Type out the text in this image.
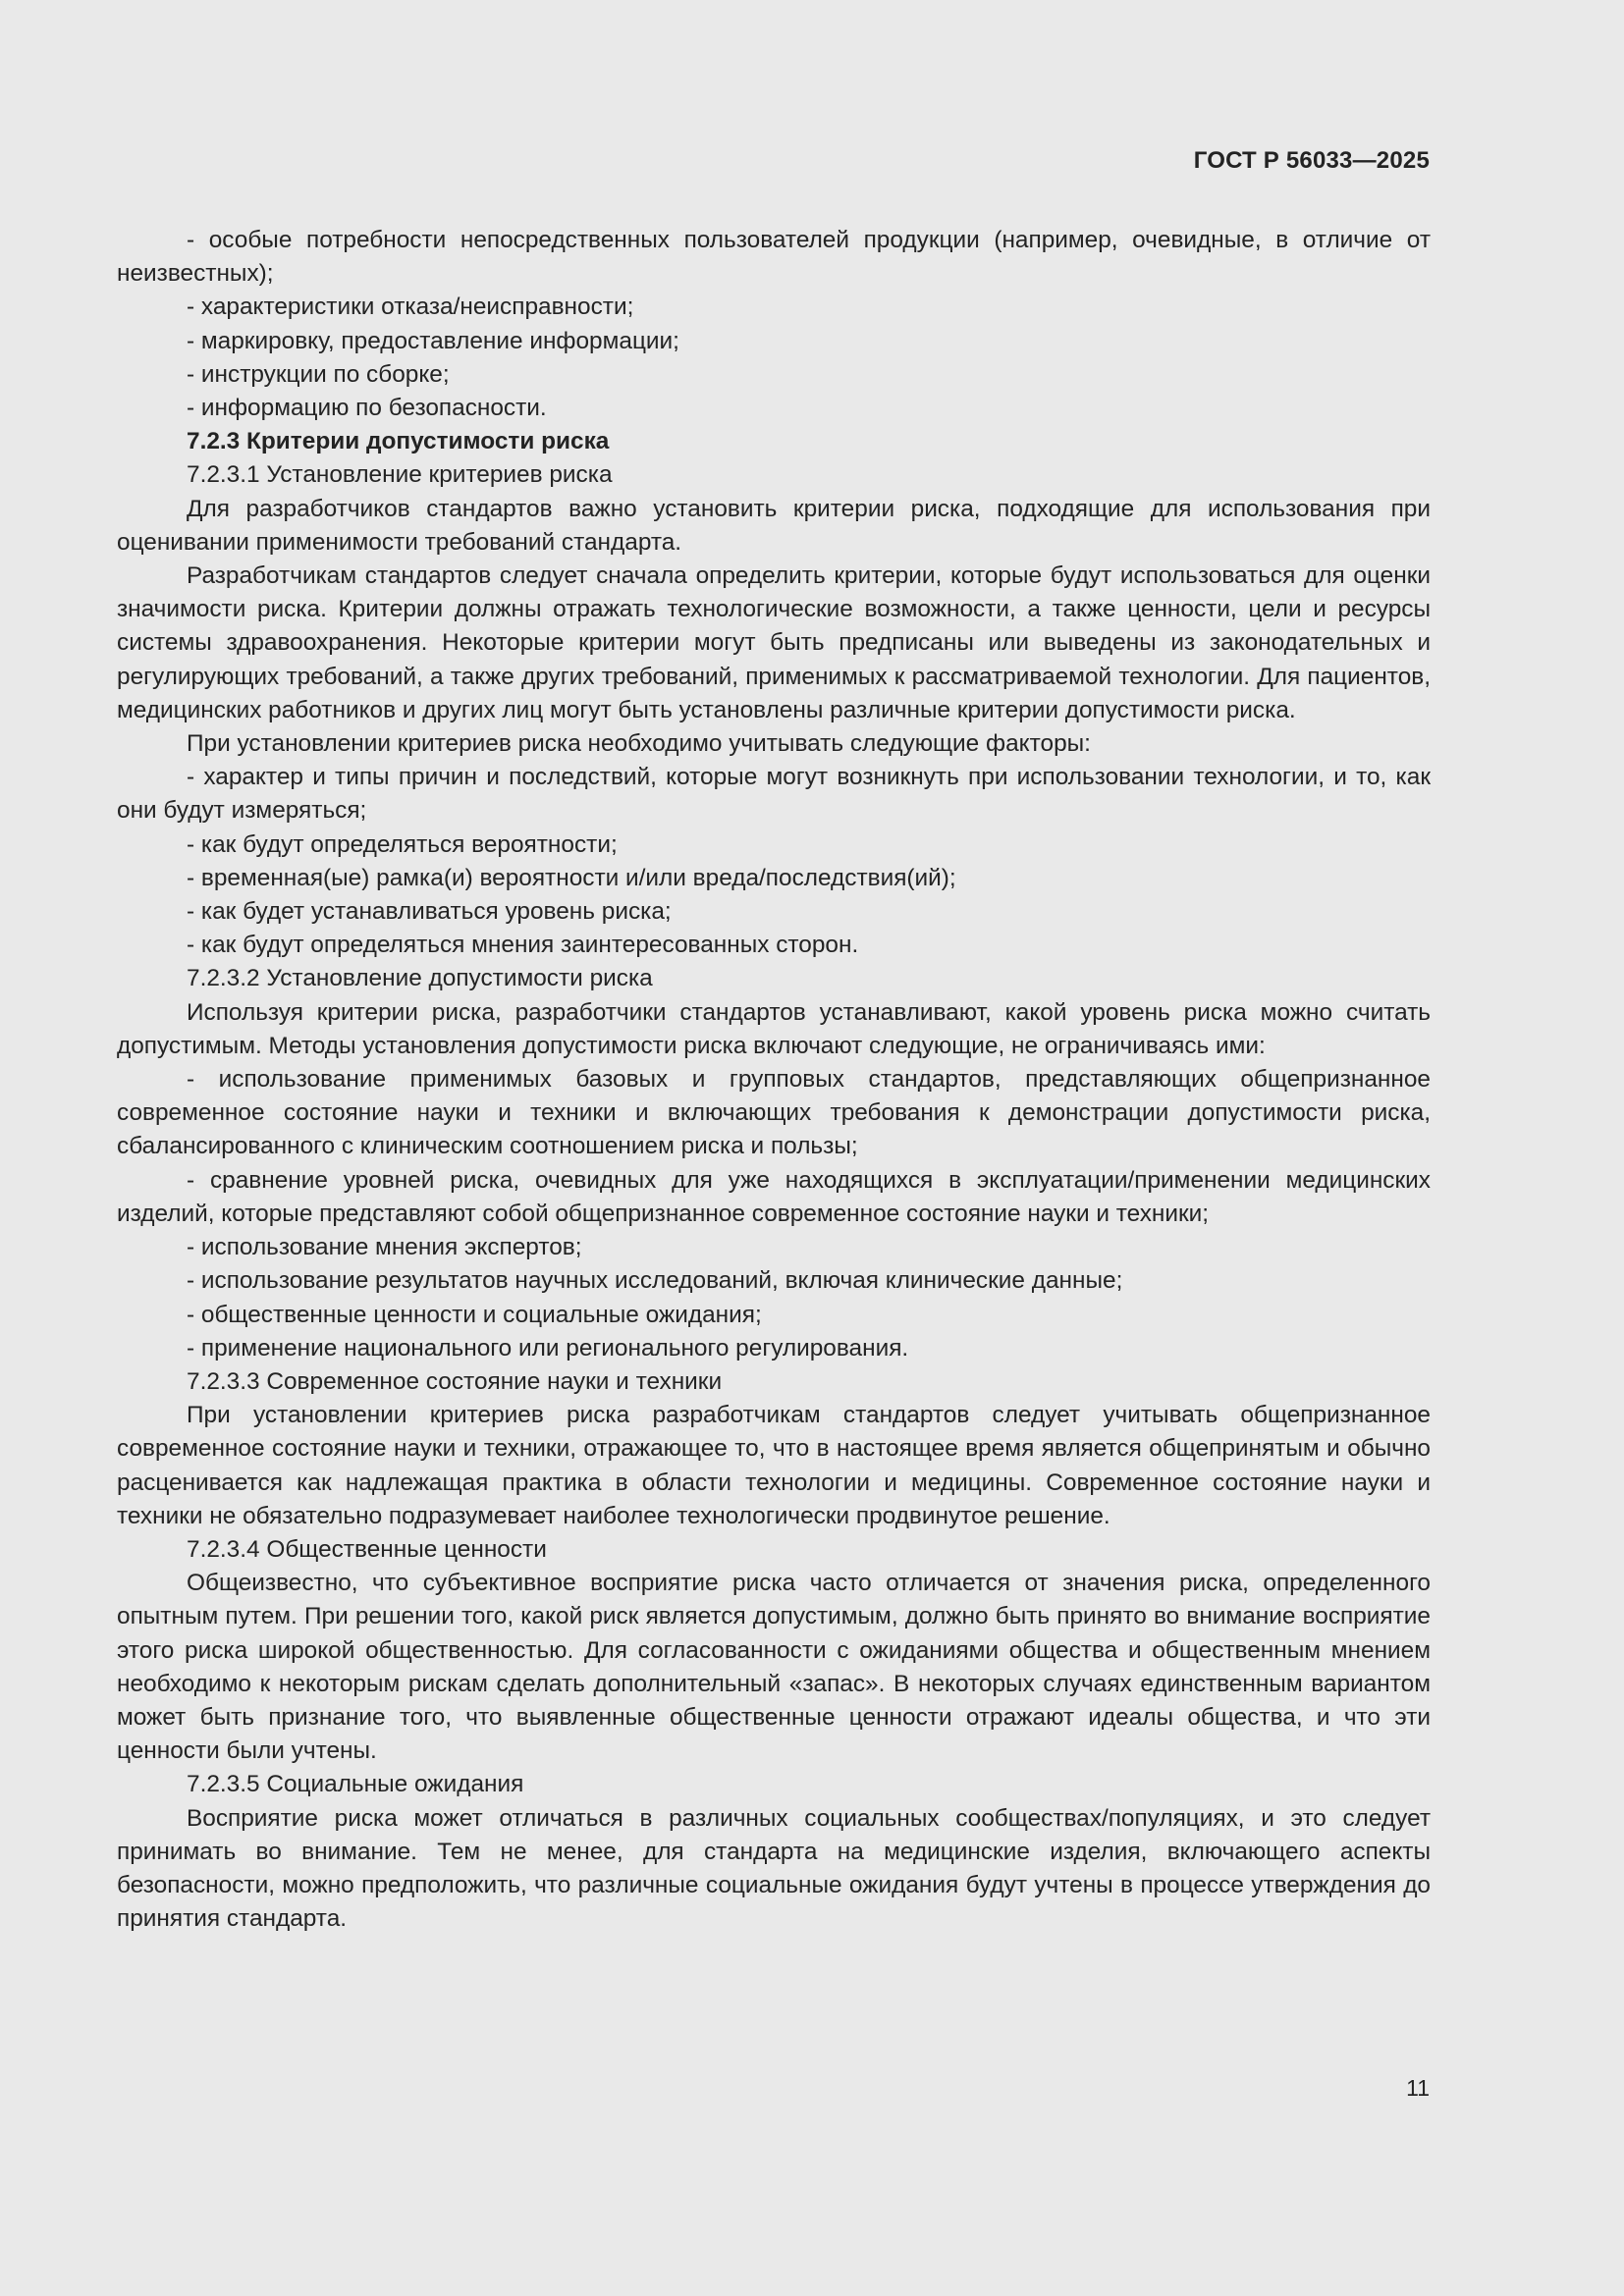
ГОСТ Р 56033—2025

- особые потребности непосредственных пользователей продукции (например, очевидные, в отличие от неизвестных);

- характеристики отказа/неисправности;

- маркировку, предоставление информации;

- инструкции по сборке;

- информацию по безопасности.

7.2.3 Критерии допустимости риска

7.2.3.1 Установление критериев риска

Для разработчиков стандартов важно установить критерии риска, подходящие для использования при оценивании применимости требований стандарта.

Разработчикам стандартов следует сначала определить критерии, которые будут использоваться для оценки значимости риска. Критерии должны отражать технологические возможности, а также ценности, цели и ресурсы системы здравоохранения. Некоторые критерии могут быть предписаны или выведены из законодательных и регулирующих требований, а также других требований, применимых к рассматриваемой технологии. Для пациентов, медицинских работников и других лиц могут быть установлены различные критерии допустимости риска.

При установлении критериев риска необходимо учитывать следующие факторы:

- характер и типы причин и последствий, которые могут возникнуть при использовании технологии, и то, как они будут измеряться;

- как будут определяться вероятности;

- временная(ые) рамка(и) вероятности и/или вреда/последствия(ий);

- как будет устанавливаться уровень риска;

- как будут определяться мнения заинтересованных сторон.

7.2.3.2 Установление допустимости риска

Используя критерии риска, разработчики стандартов устанавливают, какой уровень риска можно считать допустимым. Методы установления допустимости риска включают следующие, не ограничиваясь ими:

- использование применимых базовых и групповых стандартов, представляющих общепризнанное современное состояние науки и техники и включающих требования к демонстрации допустимости риска, сбалансированного с клиническим соотношением риска и пользы;

- сравнение уровней риска, очевидных для уже находящихся в эксплуатации/применении медицинских изделий, которые представляют собой общепризнанное современное состояние науки и техники;

- использование мнения экспертов;

- использование результатов научных исследований, включая клинические данные;

- общественные ценности и социальные ожидания;

- применение национального или регионального регулирования.

7.2.3.3 Современное состояние науки и техники

При установлении критериев риска разработчикам стандартов следует учитывать общепризнанное современное состояние науки и техники, отражающее то, что в настоящее время является общепринятым и обычно расценивается как надлежащая практика в области технологии и медицины. Современное состояние науки и техники не обязательно подразумевает наиболее технологически продвинутое решение.

7.2.3.4 Общественные ценности

Общеизвестно, что субъективное восприятие риска часто отличается от значения риска, определенного опытным путем. При решении того, какой риск является допустимым, должно быть принято во внимание восприятие этого риска широкой общественностью. Для согласованности с ожиданиями общества и общественным мнением необходимо к некоторым рискам сделать дополнительный «запас». В некоторых случаях единственным вариантом может быть признание того, что выявленные общественные ценности отражают идеалы общества, и что эти ценности были учтены.

7.2.3.5 Социальные ожидания

Восприятие риска может отличаться в различных социальных сообществах/популяциях, и это следует принимать во внимание. Тем не менее, для стандарта на медицинские изделия, включающего аспекты безопасности, можно предположить, что различные социальные ожидания будут учтены в процессе утверждения до принятия стандарта.

11
